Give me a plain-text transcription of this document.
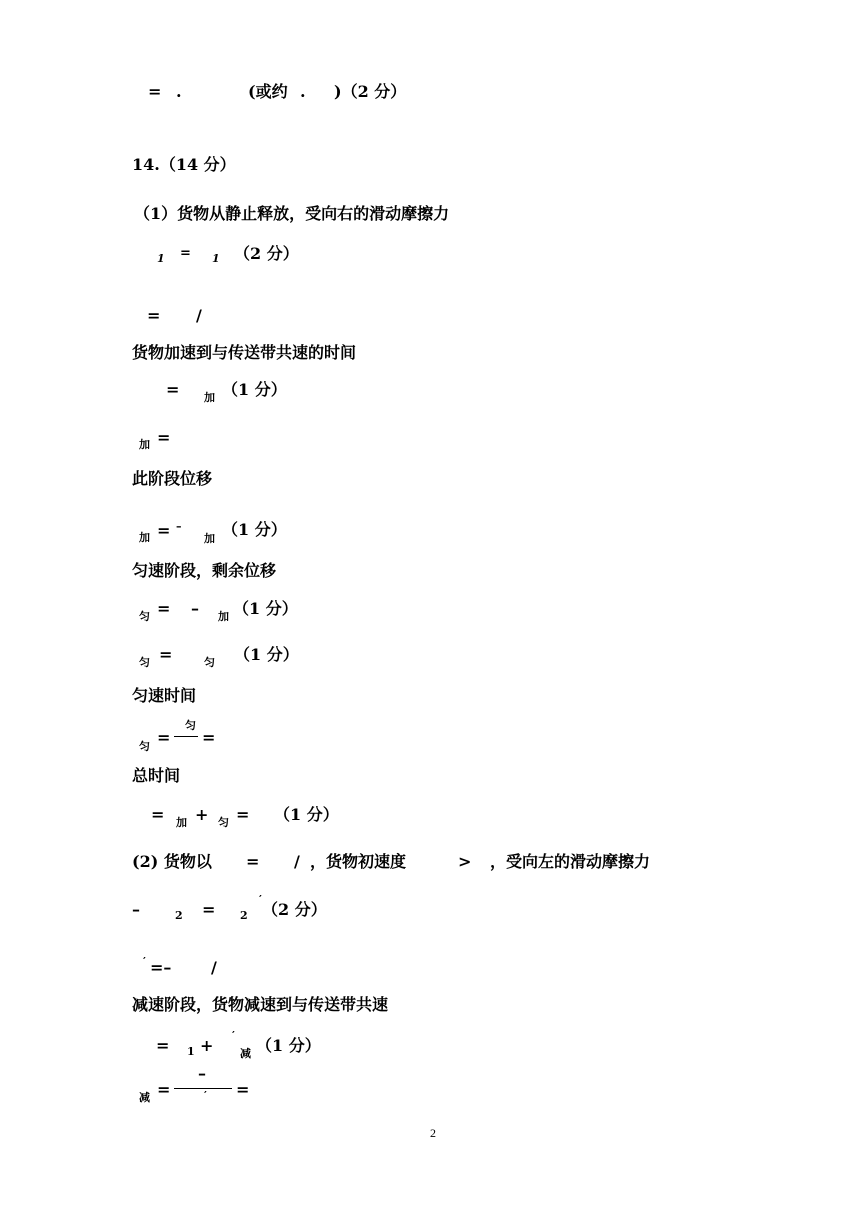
= .	(或约 . )（2 分）
14.（14 分）
（1）货物从静止释放，受向右的滑动摩擦力
1 = 1 （2 分）
= /
货物加速到与传送带共速的时间
= 加 （1 分）
加 =
此阶段位移
加 = –
加 （1 分）
匀速阶段，剩余位移
匀 = – 加 （1 分）
匀 =	匀 （1 分）
匀速时间
匀 =
匀
=
总时间
= 加 + 匀 = （1 分）
(2) 货物以 = / ，货物初速度	> ，受向左的滑动摩擦力
–	2 = 2
′
（2 分）
′ =– /
减速阶段，货物减速到与传送带共速
= 1 +
′
减 （1 分）
减 =
–
′ =
2
